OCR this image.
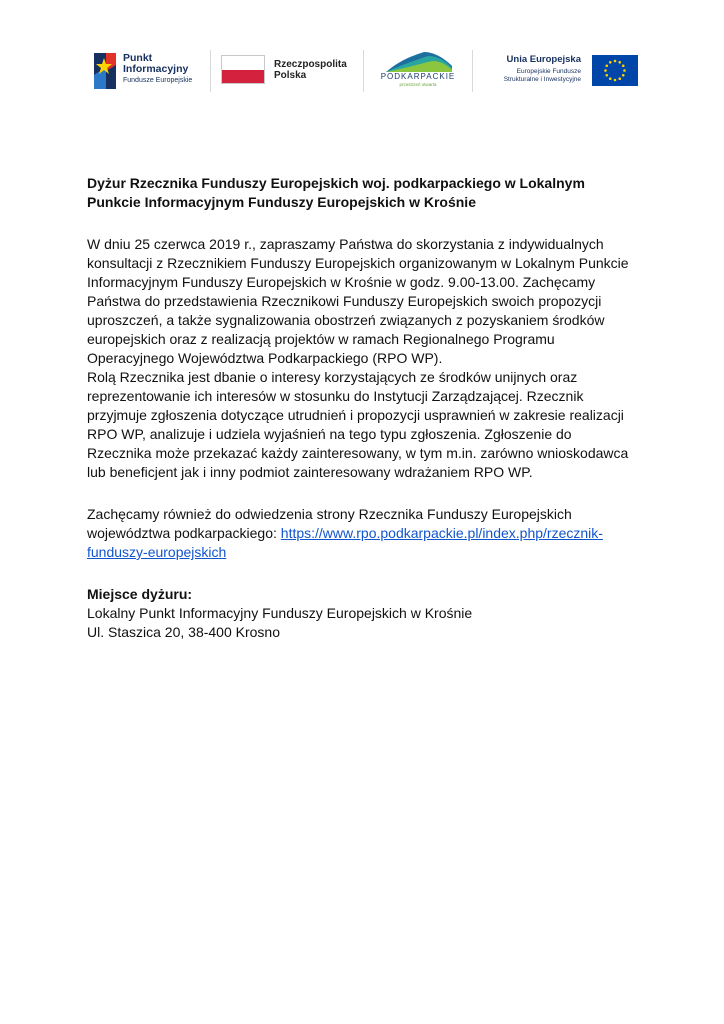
Punkt
Informacyjny
Fundusze Europejskie
Rzeczpospolita
Polska	PODKARPACKIE
przestrzeń otwarta
Unia Europejska
Europejskie Fundusze
Strukturalne i Inwestycyjne

Dyżur Rzecznika Funduszy Europejskich woj. podkarpackiego w Lokalnym Punkcie Informacyjnym Funduszy Europejskich w Krośnie

W dniu 25 czerwca 2019 r., zapraszamy Państwa do skorzystania z indywidualnych konsultacji z Rzecznikiem Funduszy Europejskich organizowanym w Lokalnym Punkcie Informacyjnym Funduszy Europejskich w Krośnie w godz. 9.00-13.00. Zachęcamy Państwa do przedstawienia Rzecznikowi Funduszy Europejskich swoich propozycji uproszczeń, a także sygnalizowania obostrzeń związanych z pozyskaniem środków europejskich oraz z realizacją projektów w ramach Regionalnego Programu Operacyjnego Województwa Podkarpackiego (RPO WP).
Rolą Rzecznika jest dbanie o interesy korzystających ze środków unijnych oraz reprezentowanie ich interesów w stosunku do Instytucji Zarządzającej. Rzecznik przyjmuje zgłoszenia dotyczące utrudnień i propozycji usprawnień w zakresie realizacji RPO WP, analizuje i udziela wyjaśnień na tego typu zgłoszenia. Zgłoszenie do Rzecznika może przekazać każdy zainteresowany, w tym m.in. zarówno wnioskodawca lub beneficjent jak i inny podmiot zainteresowany wdrażaniem RPO WP.

Zachęcamy również do odwiedzenia strony Rzecznika Funduszy Europejskich województwa podkarpackiego: https://www.rpo.podkarpackie.pl/index.php/rzecznik-funduszy-europejskich

Miejsce dyżuru:
Lokalny Punkt Informacyjny Funduszy Europejskich w Krośnie
Ul. Staszica 20, 38-400 Krosno
